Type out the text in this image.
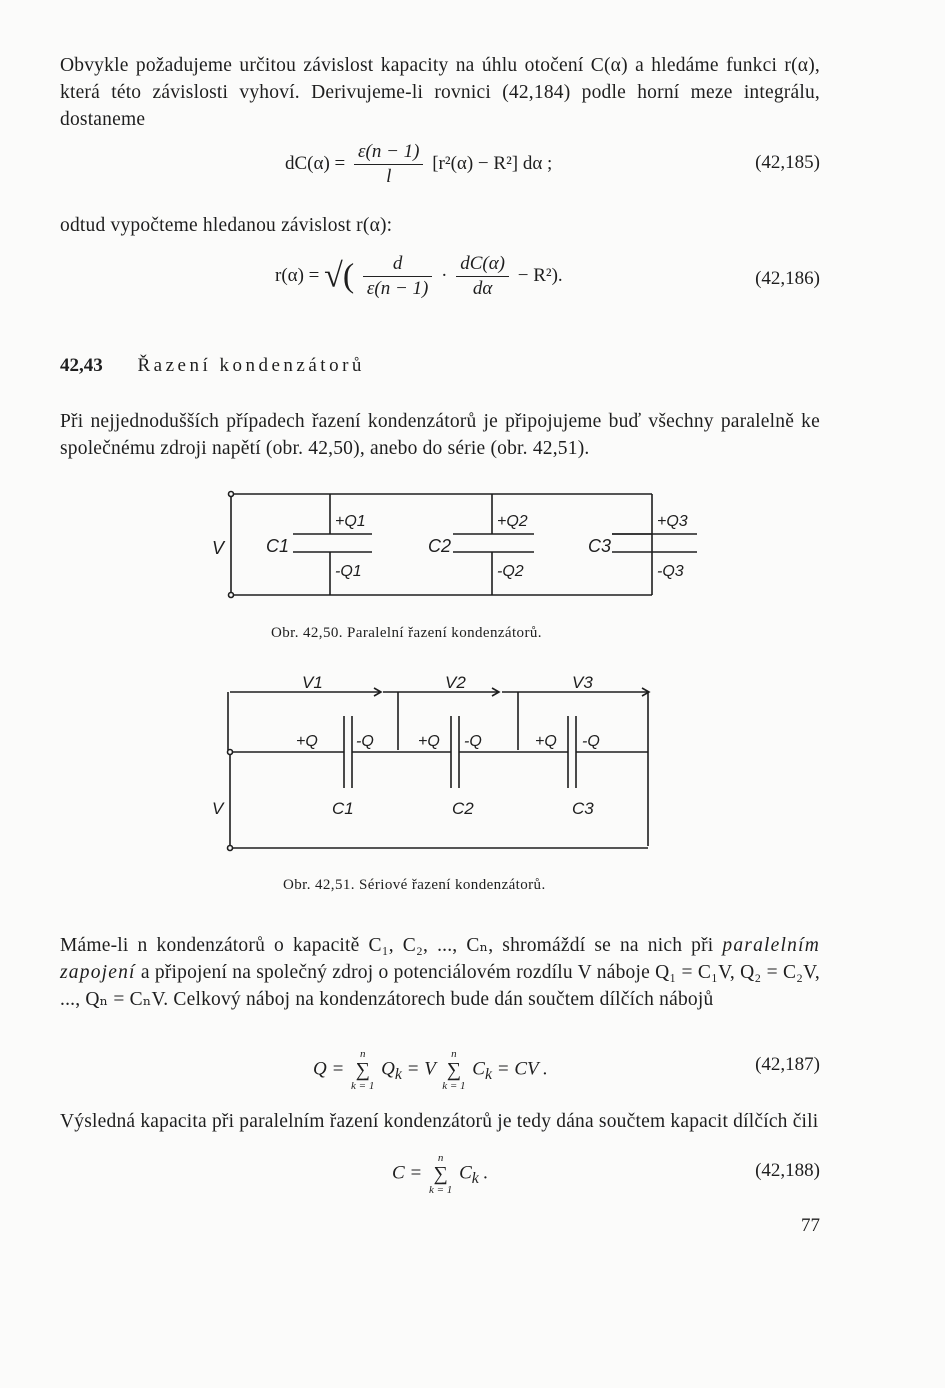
Obvykle požadujeme určitou závislost kapacity na úhlu otočení C(α) a hledáme funkci r(α), která této závislosti vyhoví. Derivujeme-li rovnici (42,184) podle horní meze integrálu, dostaneme

$dC(\alpha) = \frac{\varepsilon(n - 1)}{l} [r^2(\alpha) - R^2]$ dα ;	(42,185)

odtud vypočteme hledanou závislost r(α):

r(α) = √( $\frac{d}{\varepsilon(n - 1)} \cdot \frac{dC(\alpha)}{d\alpha} - R^2$).	(42,186)
42,43 Řazení kondenzátorů

Při nejjednodušších případech řazení kondenzátorů je připojujeme buď všechny paralelně ke společnému zdroji napětí (obr. 42,50), anebo do série (obr. 42,51).

V C1	C2	C3
+Q1	+Q2	+Q3
-Q1	-Q2	-Q3
Obr. 42,50. Paralelní řazení kondenzátorů.
V1	V2	V3
+Q -Q	+Q -Q	+Q -Q
C1	C2	C3
V
Obr. 42,51. Sériové řazení kondenzátorů.

Máme-li n kondenzátorů o kapacitě C₁, C₂, ..., Cₙ, shromáždí se na nich při paralelním zapojení a připojení na společný zdroj o potenciálovém rozdílu V náboje Q₁ = C₁V, Q₂ = C₂V, ..., Qₙ = CₙV. Celkový náboj na kondenzátorech bude dán součtem dílčích nábojů

Q =
n
∑
k = 1
$Q_k = V$
n
∑
k = 1
$C_k$ = CV .	(42,187)

Výsledná kapacita při paralelním řazení kondenzátorů je tedy dána součtem kapacit dílčích čili

C =
n
∑
k = 1
$C_k$ .	(42,188)
77
